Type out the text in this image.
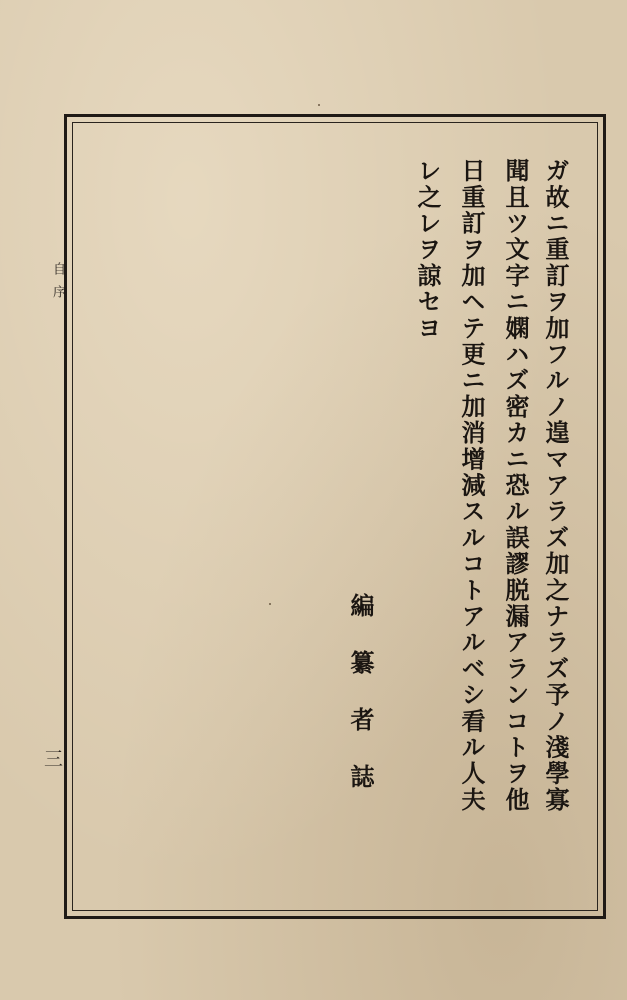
自序
三	ガ故ニ重訂ヲ加フルノ遑マアラズ加之ナラズ予ノ淺學寡
聞且ツ文字ニ嫻ハズ密カニ恐ル誤謬脱漏アランコトヲ他
日重訂ヲ加ヘテ更ニ加消增減スルコトアルベシ看ル人夫
レ之レヲ諒セヨ
編纂者誌
